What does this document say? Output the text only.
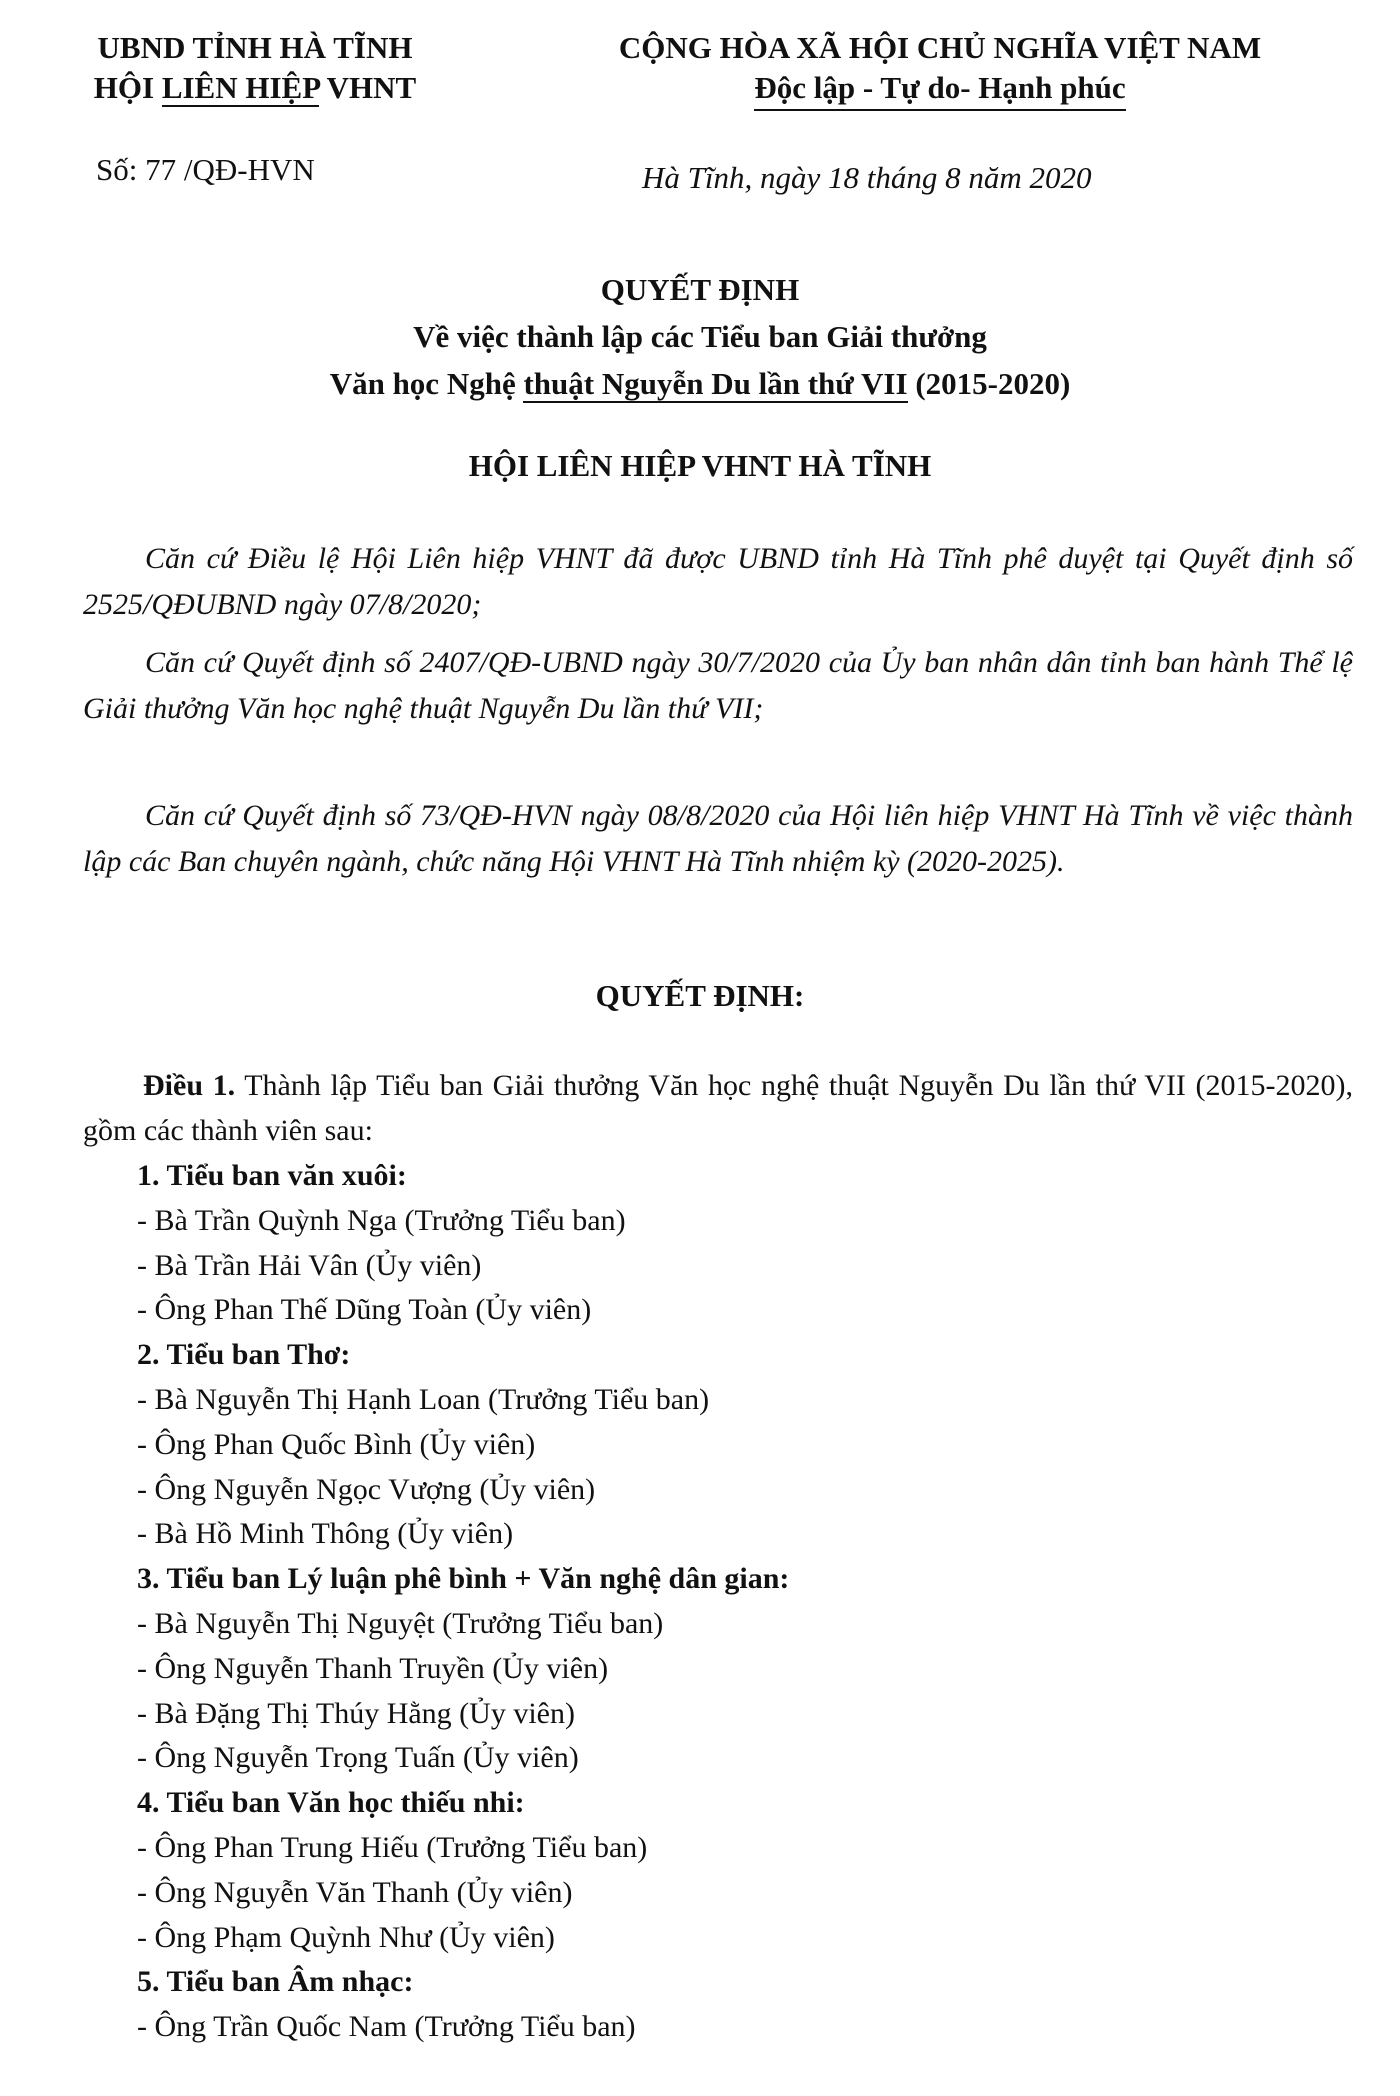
UBND TỈNH HÀ TĨNH
HỘI LIÊN HIỆP VHNT
CỘNG HÒA XÃ HỘI CHỦ NGHĨA VIỆT NAM
Độc lập - Tự do- Hạnh phúc
Số: 77 /QĐ-HVN	Hà Tĩnh, ngày 18 tháng 8 năm 2020
QUYẾT ĐỊNH
Về việc thành lập các Tiểu ban Giải thưởng
Văn học Nghệ thuật Nguyễn Du lần thứ VII (2015-2020)
HỘI LIÊN HIỆP VHNT HÀ TĨNH
Căn cứ Điều lệ Hội Liên hiệp VHNT đã được UBND tỉnh Hà Tĩnh phê duyệt tại Quyết định số 2525/QĐUBND ngày 07/8/2020;
Căn cứ Quyết định số 2407/QĐ-UBND ngày 30/7/2020 của Ủy ban nhân dân tỉnh ban hành Thể lệ Giải thưởng Văn học nghệ thuật Nguyễn Du lần thứ VII;
Căn cứ Quyết định số 73/QĐ-HVN ngày 08/8/2020 của Hội liên hiệp VHNT Hà Tĩnh về việc thành lập các Ban chuyên ngành, chức năng Hội VHNT Hà Tĩnh nhiệm kỳ (2020-2025).
QUYẾT ĐỊNH:
Điều 1. Thành lập Tiểu ban Giải thưởng Văn học nghệ thuật Nguyễn Du lần thứ VII (2015-2020), gồm các thành viên sau:
1. Tiểu ban văn xuôi:
- Bà Trần Quỳnh Nga (Trưởng Tiểu ban)
- Bà Trần Hải Vân (Ủy viên)
- Ông Phan Thế Dũng Toàn (Ủy viên)
2. Tiểu ban Thơ:
- Bà Nguyễn Thị Hạnh Loan (Trưởng Tiểu ban)
- Ông Phan Quốc Bình (Ủy viên)
- Ông Nguyễn Ngọc Vượng (Ủy viên)
- Bà Hồ Minh Thông (Ủy viên)
3. Tiểu ban Lý luận phê bình + Văn nghệ dân gian:
- Bà Nguyễn Thị Nguyệt (Trưởng Tiểu ban)
- Ông Nguyễn Thanh Truyền (Ủy viên)
- Bà Đặng Thị Thúy Hằng (Ủy viên)
- Ông Nguyễn Trọng Tuấn (Ủy viên)
4. Tiểu ban Văn học thiếu nhi:
- Ông Phan Trung Hiếu (Trưởng Tiểu ban)
- Ông Nguyễn Văn Thanh (Ủy viên)
- Ông Phạm Quỳnh Như (Ủy viên)
5. Tiểu ban Âm nhạc:
- Ông Trần Quốc Nam (Trưởng Tiểu ban)
